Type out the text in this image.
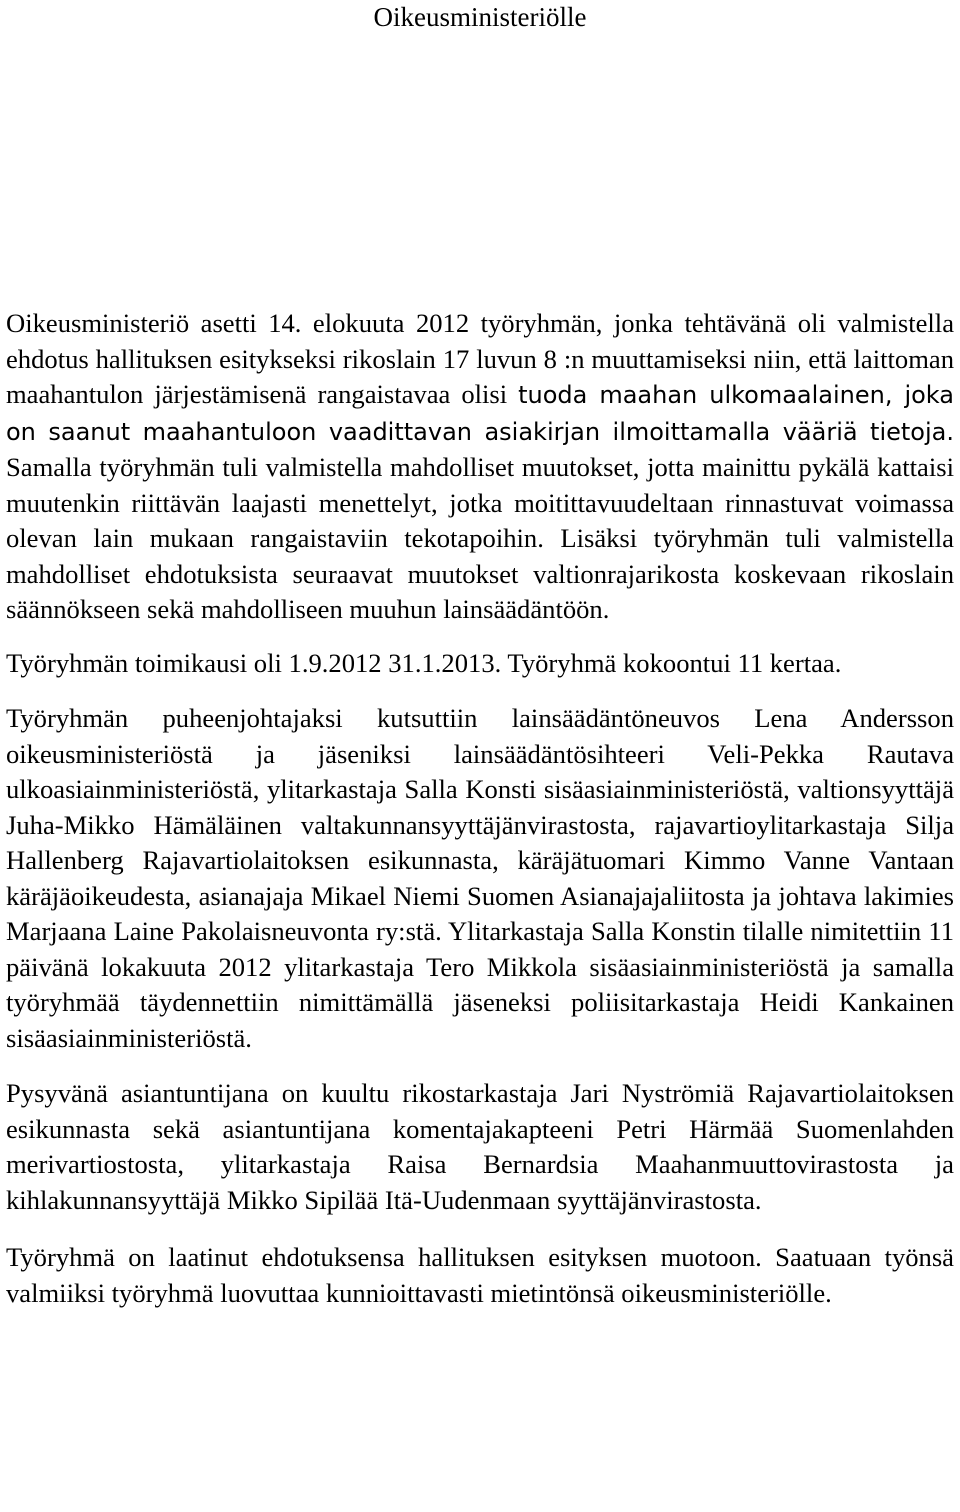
Oikeusministeriölle

Oikeusministeriö asetti 14. elokuuta 2012 työryhmän, jonka tehtävänä oli valmistella ehdotus hallituksen esitykseksi rikoslain 17 luvun 8 :n muuttamiseksi niin, että laittoman maahantulon järjestämisenä rangaistavaa olisi tuoda maahan ulkomaalainen, joka on saanut maahantuloon vaadittavan asiakirjan ilmoittamalla vääriä tietoja. Samalla työryhmän tuli valmistella mahdolliset muutokset, jotta mainittu pykälä kattaisi muutenkin riittävän laajasti menettelyt, jotka moitittavuudeltaan rinnastuvat voimassa olevan lain mukaan rangaistaviin tekotapoihin. Lisäksi työryhmän tuli valmistella mahdolliset ehdotuksista seuraavat muutokset valtionrajarikosta koskevaan rikoslain säännökseen sekä mahdolliseen muuhun lainsäädäntöön.

Työryhmän toimikausi oli 1.9.2012 31.1.2013. Työryhmä kokoontui 11 kertaa.

Työryhmän puheenjohtajaksi kutsuttiin lainsäädäntöneuvos Lena Andersson oikeusministeriöstä ja jäseniksi lainsäädäntösihteeri Veli-Pekka Rautava ulkoasiainministeriöstä, ylitarkastaja Salla Konsti sisäasiainministeriöstä, valtionsyyttäjä Juha-Mikko Hämäläinen valtakunnansyyttäjänvirastosta, rajavartioylitarkastaja Silja Hallenberg Rajavartiolaitoksen esikunnasta, käräjätuomari Kimmo Vanne Vantaan käräjäoikeudesta, asianajaja Mikael Niemi Suomen Asianajajaliitosta ja johtava lakimies Marjaana Laine Pakolaisneuvonta ry:stä. Ylitarkastaja Salla Konstin tilalle nimitettiin 11 päivänä lokakuuta 2012 ylitarkastaja Tero Mikkola sisäasiainministeriöstä ja samalla työryhmää täydennettiin nimittämällä jäseneksi poliisitarkastaja Heidi Kankainen sisäasiainministeriöstä.

Pysyvänä asiantuntijana on kuultu rikostarkastaja Jari Nyströmiä Rajavartiolaitoksen esikunnasta sekä asiantuntijana komentajakapteeni Petri Härmää Suomenlahden merivartiostosta, ylitarkastaja Raisa Bernardsia Maahanmuuttovirastosta ja kihlakunnansyyttäjä Mikko Sipilää Itä-Uudenmaan syyttäjänvirastosta.

Työryhmä on laatinut ehdotuksensa hallituksen esityksen muotoon. Saatuaan työnsä valmiiksi työryhmä luovuttaa kunnioittavasti mietintönsä oikeusministeriölle.
